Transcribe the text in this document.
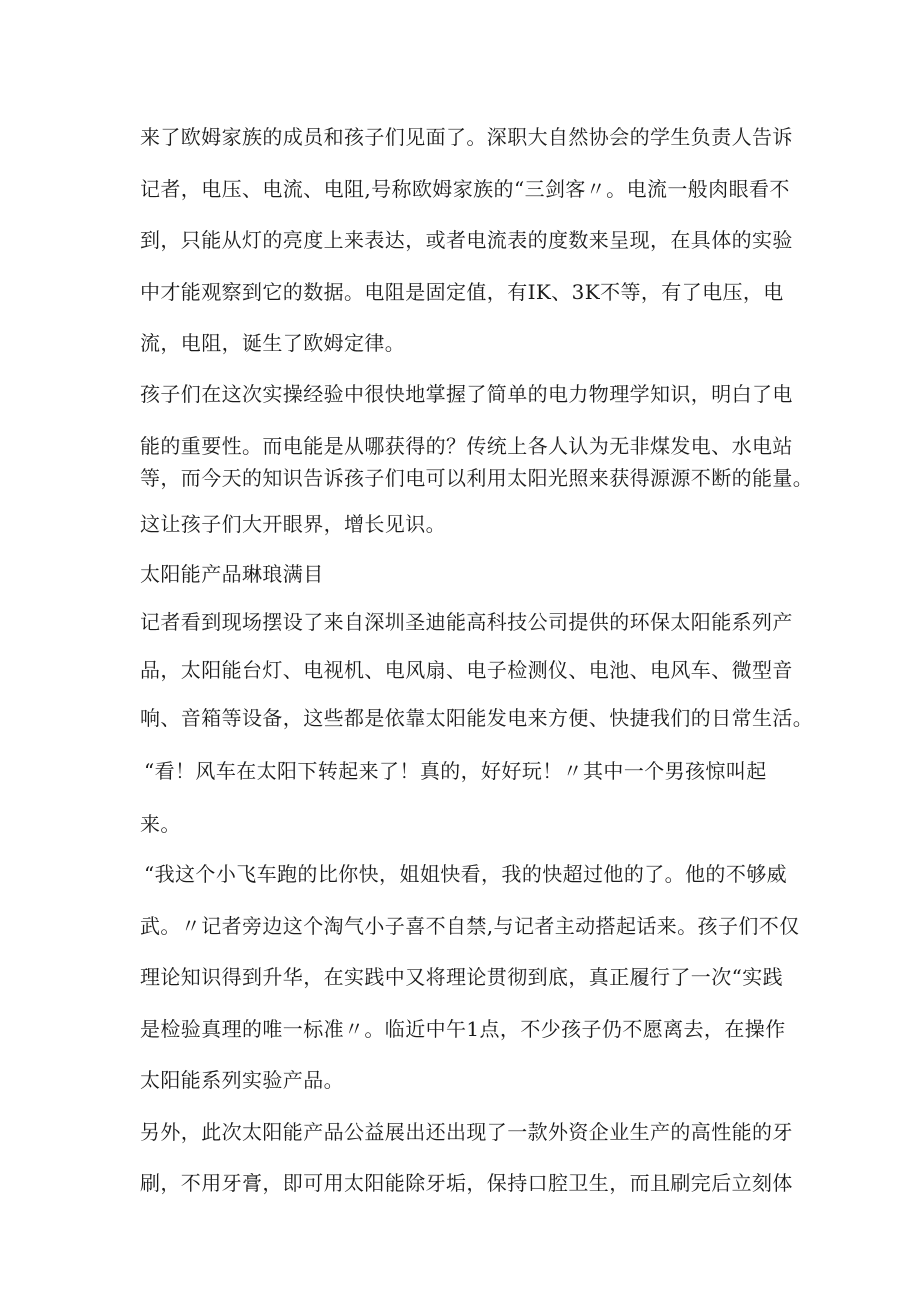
来了欧姆家族的成员和孩子们见面了。深职大自然协会的学生负责人告诉
记者，电压、电流、电阻,号称欧姆家族的“三剑客〃。电流一般肉眼看不
到，只能从灯的亮度上来表达，或者电流表的度数来呈现，在具体的实验
中才能观察到它的数据。电阻是固定值，有IK、3K不等，有了电压，电
流，电阻，诞生了欧姆定律。
孩子们在这次实操经验中很快地掌握了简单的电力物理学知识，明白了电
能的重要性。而电能是从哪获得的？传统上各人认为无非煤发电、水电站
等，而今天的知识告诉孩子们电可以利用太阳光照来获得源源不断的能量。
这让孩子们大开眼界，增长见识。
太阳能产品琳琅满目
记者看到现场摆设了来自深圳圣迪能高科技公司提供的环保太阳能系列产
品，太阳能台灯、电视机、电风扇、电子检测仪、电池、电风车、微型音
响、音箱等设备，这些都是依靠太阳能发电来方便、快捷我们的日常生活。
“看！风车在太阳下转起来了！真的，好好玩！〃其中一个男孩惊叫起
来。
“我这个小飞车跑的比你快，姐姐快看，我的快超过他的了。他的不够威
武。〃记者旁边这个淘气小子喜不自禁,与记者主动搭起话来。孩子们不仅
理论知识得到升华，在实践中又将理论贯彻到底，真正履行了一次“实践
是检验真理的唯一标准〃。临近中午1点，不少孩子仍不愿离去，在操作
太阳能系列实验产品。
另外，此次太阳能产品公益展出还出现了一款外资企业生产的高性能的牙
刷，不用牙膏，即可用太阳能除牙垢，保持口腔卫生，而且刷完后立刻体
